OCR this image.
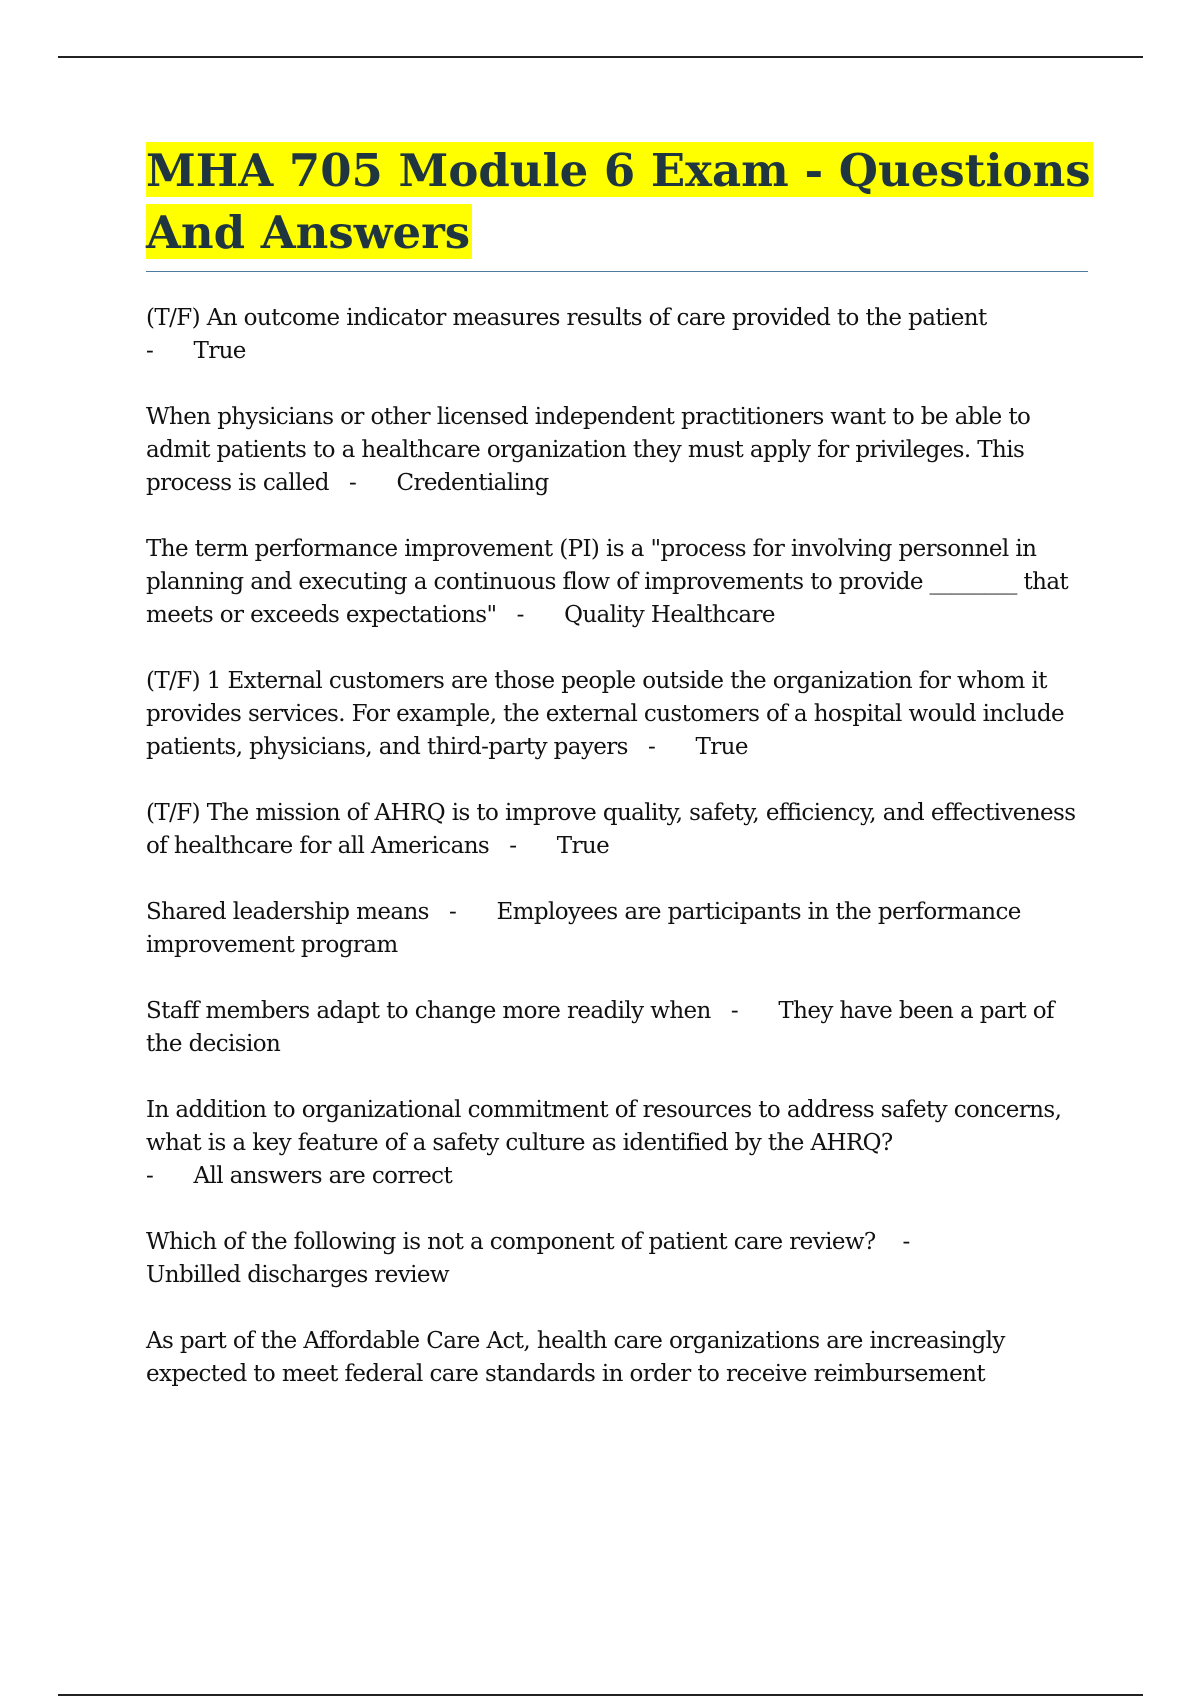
MHA 705 Module 6 Exam - Questions And Answers

(T/F) An outcome indicator measures results of care provided to the patient
-      True

When physicians or other licensed independent practitioners want to be able to admit patients to a healthcare organization they must apply for privileges. This process is called   -      Credentialing

The term performance improvement (PI) is a "process for involving personnel in planning and executing a continuous flow of improvements to provide ________ that meets or exceeds expectations"   -      Quality Healthcare

(T/F) 1 External customers are those people outside the organization for whom it provides services. For example, the external customers of a hospital would include patients, physicians, and third-party payers   -      True

(T/F) The mission of AHRQ is to improve quality, safety, efficiency, and effectiveness of healthcare for all Americans   -      True

Shared leadership means   -      Employees are participants in the performance improvement program

Staff members adapt to change more readily when   -      They have been a part of the decision

In addition to organizational commitment of resources to address safety concerns, what is a key feature of a safety culture as identified by the AHRQ?
-      All answers are correct

Which of the following is not a component of patient care review?    -
Unbilled discharges review

As part of the Affordable Care Act, health care organizations are increasingly expected to meet federal care standards in order to receive reimbursement
